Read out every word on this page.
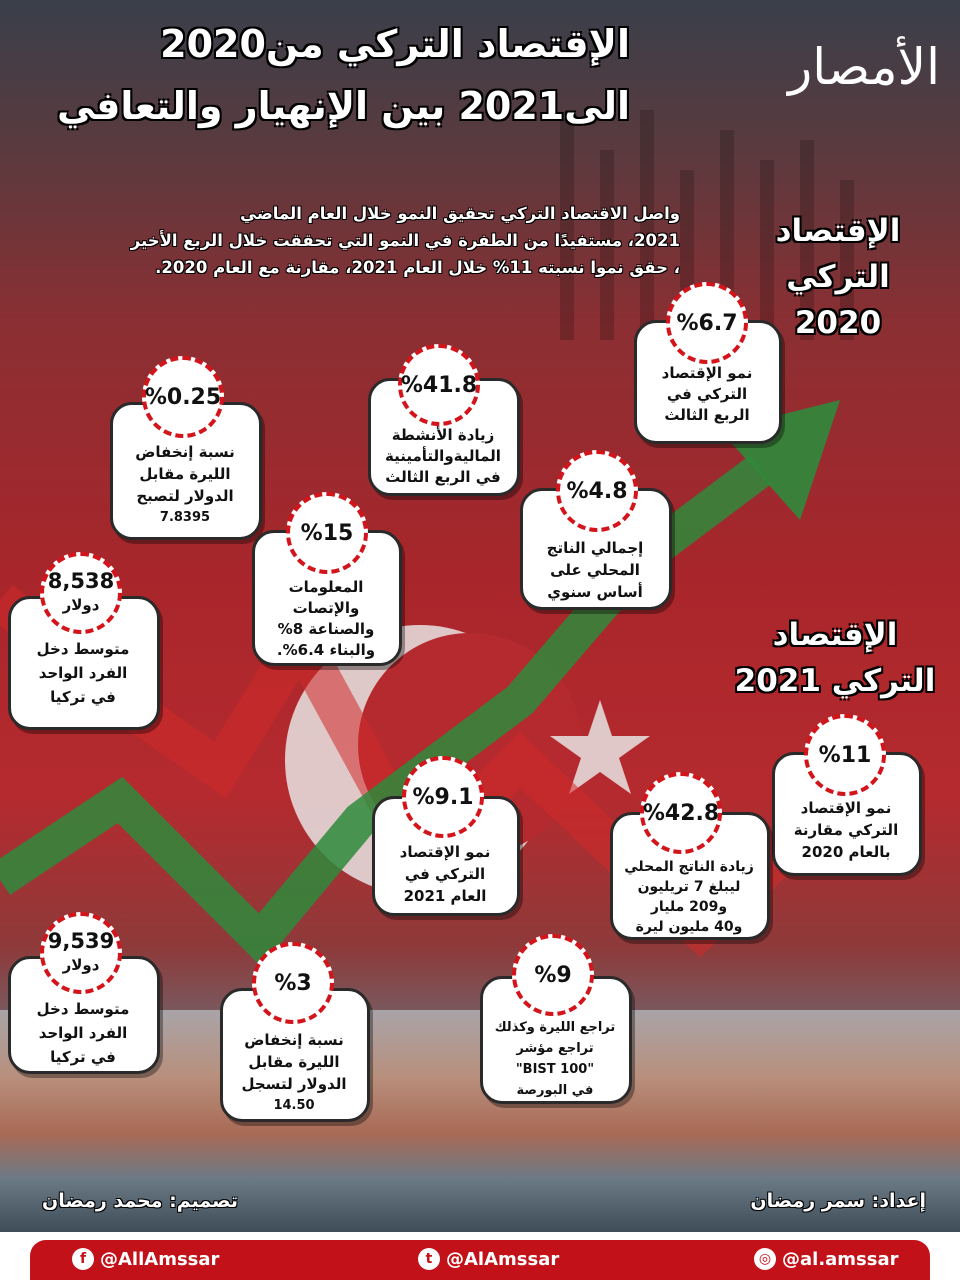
الإقتصاد التركي من2020
الى2021 بين الإنهيار والتعافي
الأمصار
واصل الاقتصاد التركي تحقيق النمو خلال العام الماضي
2021، مستفيدًا من الطفرة في النمو التي تحققت خلال الربع الأخير
، حقق نموا نسبته 11% خلال العام 2021، مقارنة مع العام 2020.
الإقتصاد
التركي 2020
الإقتصاد
التركي 2021
نمو الإقتصاد
التركي في
الربع الثالث
%6.7
زيادة الأنشطة
الماليةوالتأمينية
في الربع الثالث
%41.8
نسبة إنخفاض
الليرة مقابل
الدولار لتصبح
7.8395
%0.25
إجمالي الناتج
المحلي على
أساس سنوي
%4.8
المعلومات
والإتصات
والصناعة 8%
والبناء 6.4%.
%15
متوسط دخل
الفرد الواحد
في تركيا
8,538
دولار
نمو الإقتصاد
التركي مقارنة
بالعام 2020
%11
نمو الإقتصاد
التركي في
العام 2021
%9.1
زيادة الناتج المحلي
ليبلغ 7 تريليون
و209 مليار
و40 مليون ليرة
%42.8
متوسط دخل
الفرد الواحد
في تركيا
9,539
دولار
نسبة إنخفاض
الليرة مقابل
الدولار لتسجل
14.50
%3
تراجع الليرة وكذلك
تراجع مؤشر
"BIST 100"
في البورصة
%9
تصميم: محمد رمضان	إعداد: سمر رمضان
f @AllAmssar	t @AlAmssar	◎ @al.amssar
